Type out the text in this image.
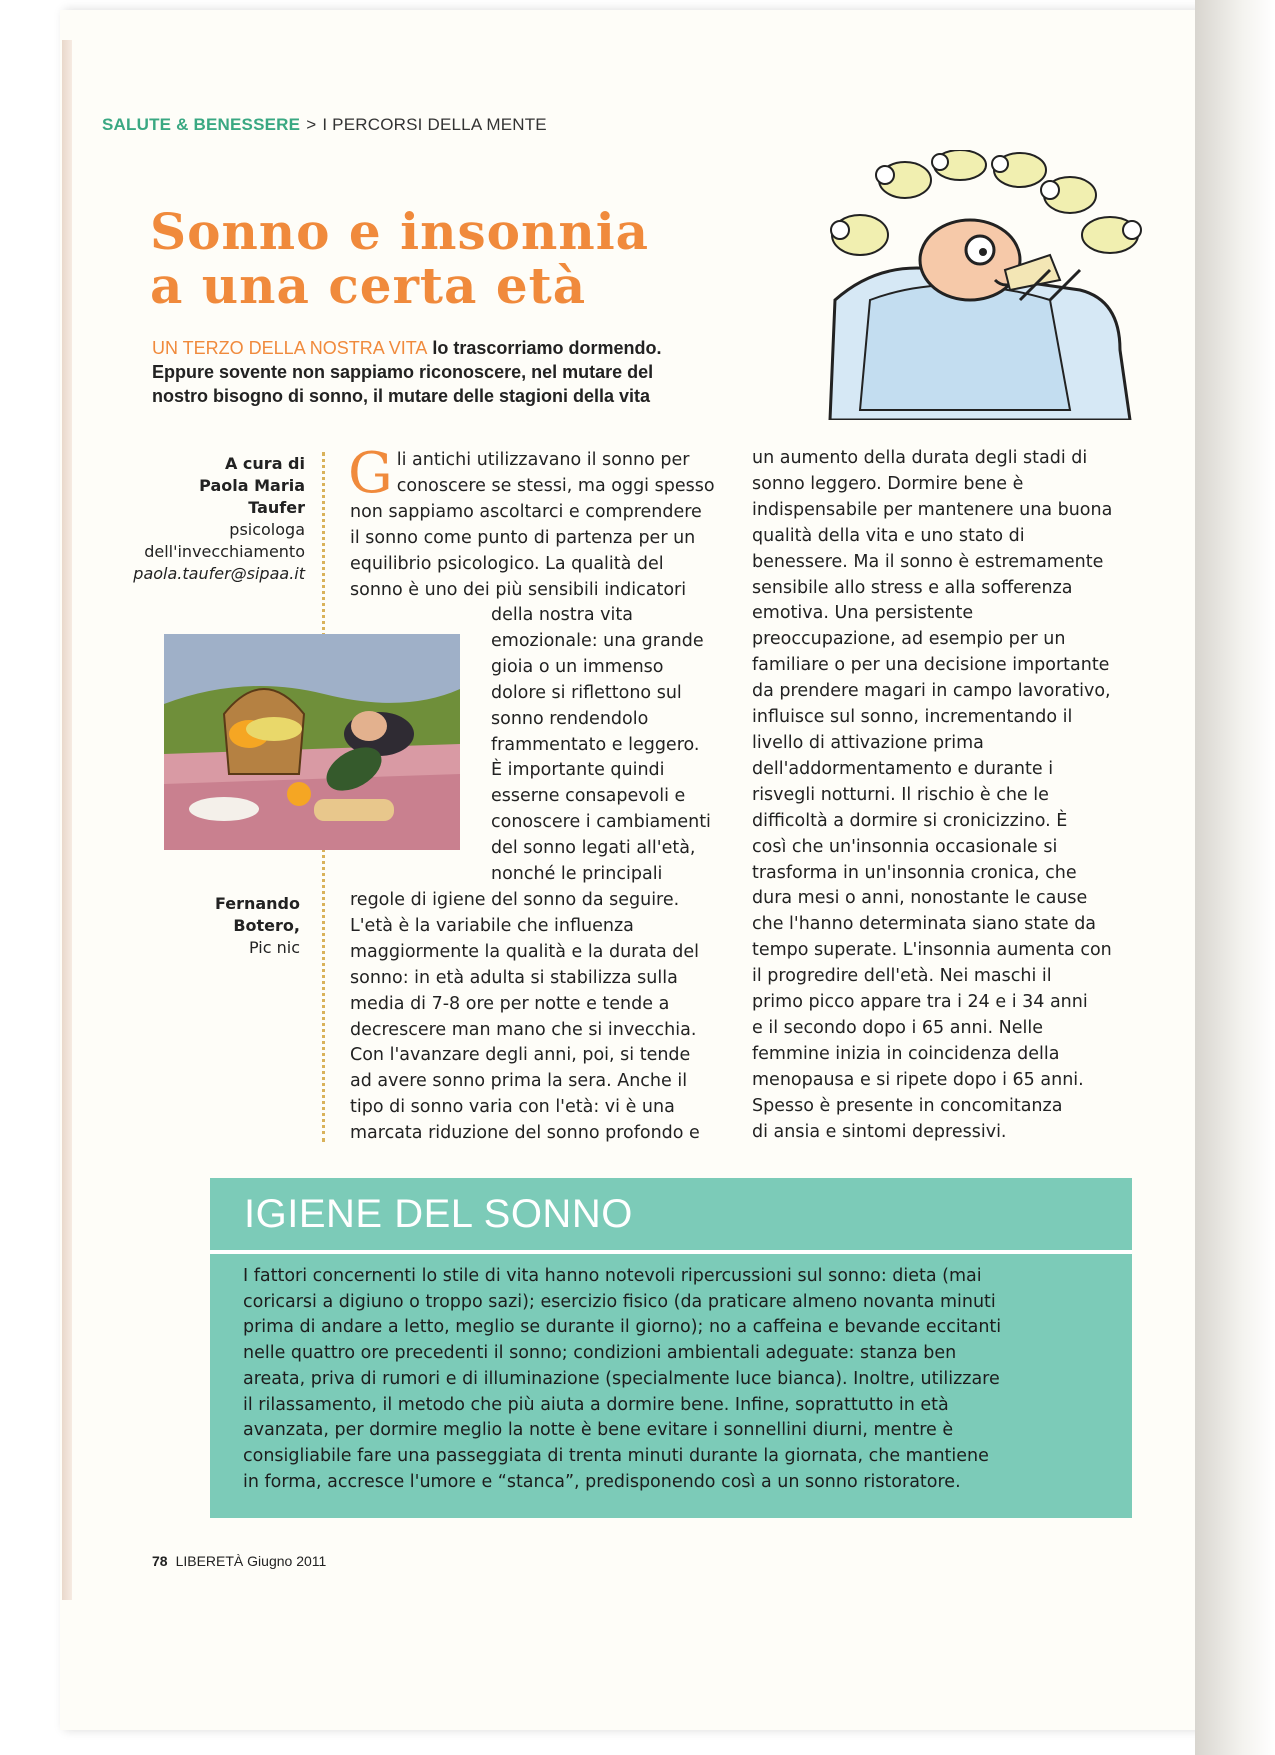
SALUTE & BENESSERE > I PERCORSI DELLA MENTE
Sonno e insonnia
a una certa età
UN TERZO DELLA NOSTRA VITA lo trascorriamo dormendo.
Eppure sovente non sappiamo riconoscere, nel mutare del
nostro bisogno di sonno, il mutare delle stagioni della vita
A cura di
Paola Maria
Taufer
psicologa
dell'invecchiamento
paola.taufer@sipaa.it
Fernando
Botero,
Pic nic
G li antichi utilizzavano il sonno per
conoscere se stessi, ma oggi spesso
non sappiamo ascoltarci e comprendere
il sonno come punto di partenza per un
equilibrio psicologico. La qualità del
sonno è uno dei più sensibili indicatori
della nostra vita
emozionale: una grande
gioia o un immenso
dolore si riflettono sul
sonno rendendolo
frammentato e leggero.
È importante quindi
esserne consapevoli e
conoscere i cambiamenti
del sonno legati all'età,
nonché le principali
regole di igiene del sonno da seguire.
L'età è la variabile che influenza
maggiormente la qualità e la durata del
sonno: in età adulta si stabilizza sulla
media di 7-8 ore per notte e tende a
decrescere man mano che si invecchia.
Con l'avanzare degli anni, poi, si tende
ad avere sonno prima la sera. Anche il
tipo di sonno varia con l'età: vi è una
marcata riduzione del sonno profondo e
un aumento della durata degli stadi di
sonno leggero. Dormire bene è
indispensabile per mantenere una buona
qualità della vita e uno stato di
benessere. Ma il sonno è estremamente
sensibile allo stress e alla sofferenza
emotiva. Una persistente
preoccupazione, ad esempio per un
familiare o per una decisione importante
da prendere magari in campo lavorativo,
influisce sul sonno, incrementando il
livello di attivazione prima
dell'addormentamento e durante i
risvegli notturni. Il rischio è che le
difficoltà a dormire si cronicizzino. È
così che un'insonnia occasionale si
trasforma in un'insonnia cronica, che
dura mesi o anni, nonostante le cause
che l'hanno determinata siano state da
tempo superate. L'insonnia aumenta con
il progredire dell'età. Nei maschi il
primo picco appare tra i 24 e i 34 anni
e il secondo dopo i 65 anni. Nelle
femmine inizia in coincidenza della
menopausa e si ripete dopo i 65 anni.
Spesso è presente in concomitanza
di ansia e sintomi depressivi.
IGIENE DEL SONNO
I fattori concernenti lo stile di vita hanno notevoli ripercussioni sul sonno: dieta (mai
coricarsi a digiuno o troppo sazi); esercizio fisico (da praticare almeno novanta minuti
prima di andare a letto, meglio se durante il giorno); no a caffeina e bevande eccitanti
nelle quattro ore precedenti il sonno; condizioni ambientali adeguate: stanza ben
areata, priva di rumori e di illuminazione (specialmente luce bianca). Inoltre, utilizzare
il rilassamento, il metodo che più aiuta a dormire bene. Infine, soprattutto in età
avanzata, per dormire meglio la notte è bene evitare i sonnellini diurni, mentre è
consigliabile fare una passeggiata di trenta minuti durante la giornata, che mantiene
in forma, accresce l'umore e “stanca”, predisponendo così a un sonno ristoratore.
78 LIBERETÀ Giugno 2011
